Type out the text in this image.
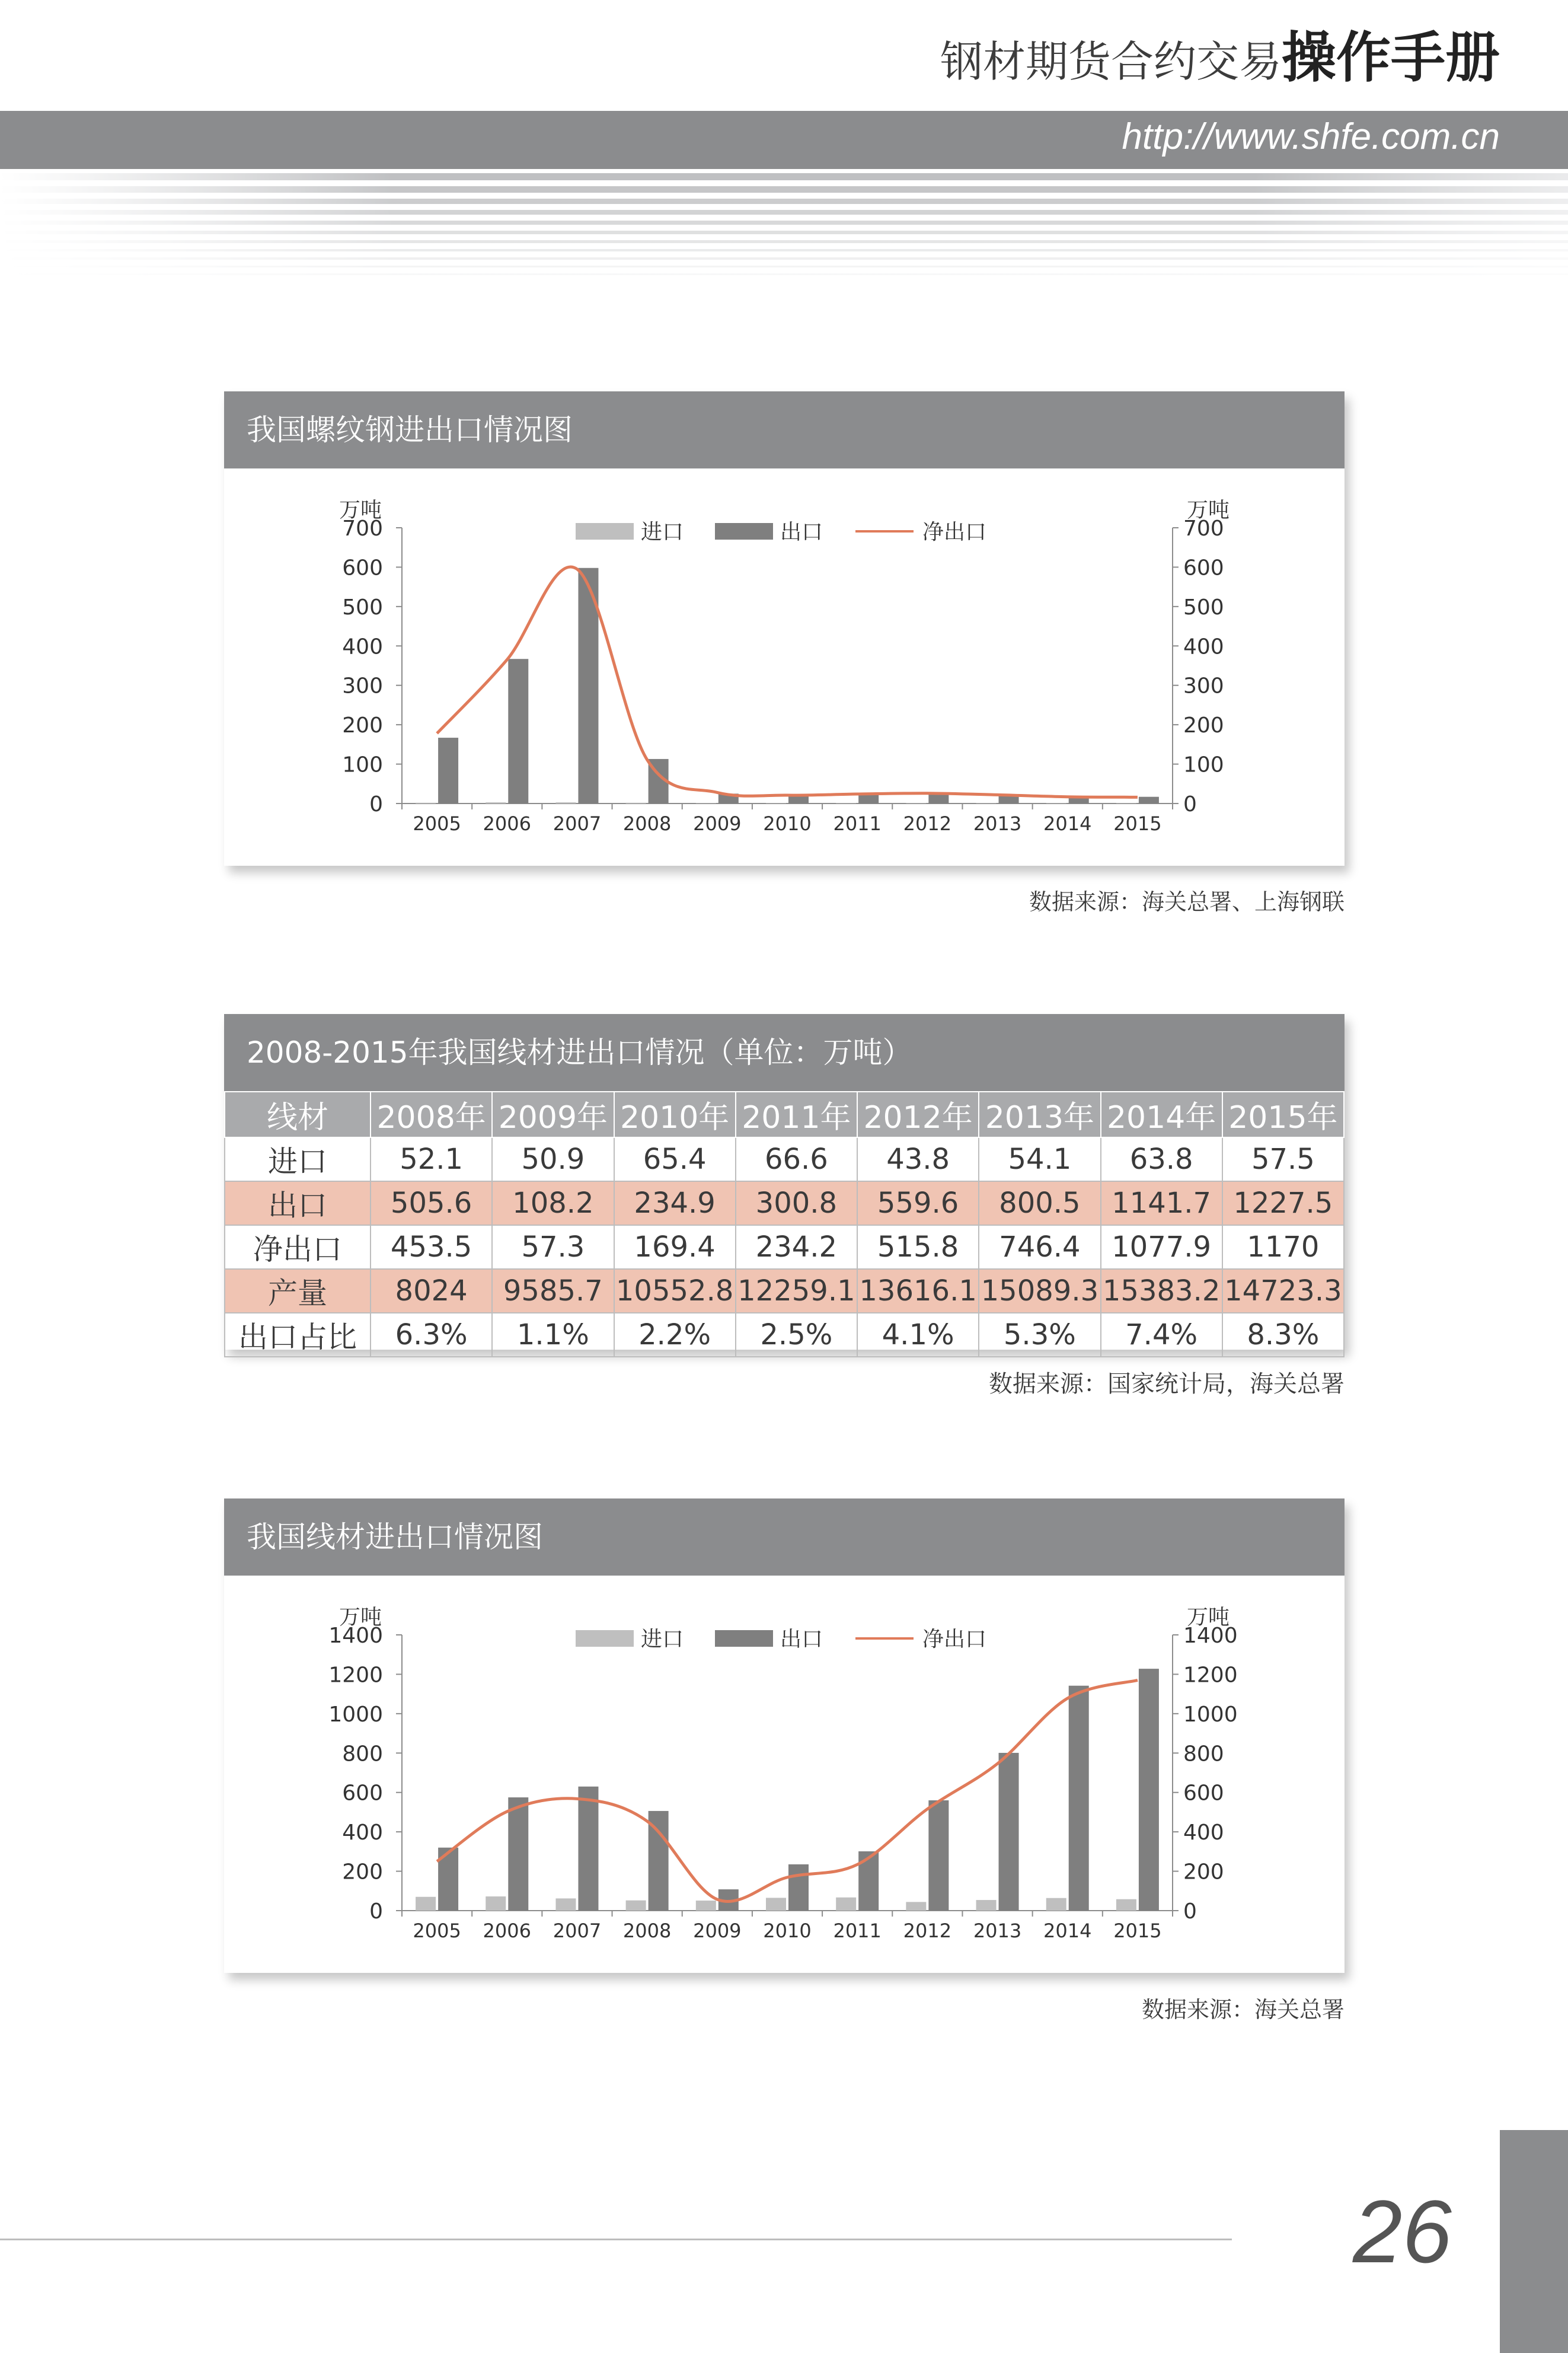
钢材期货合约交易操作手册
http://www.shfe.com.cn
我国螺纹钢进出口情况图
万吨	万吨
0	0
100	100
200	200
300	300
400	400
500	500
600	600
700	700
2005 2006 2007 2008 2009 2010 2011 2012 2013 2014 2015
进口	出口	净出口
数据来源：海关总署、上海钢联
2008-2015年我国线材进出口情况（单位：万吨）
线材	2008年	2009年	2010年	2011年	2012年	2013年	2014年	2015年
进口	52.1	50.9	65.4	66.6	43.8	54.1	63.8	57.5
出口	505.6	108.2	234.9	300.8	559.6	800.5	1141.7	1227.5
净出口	453.5	57.3	169.4	234.2	515.8	746.4	1077.9	1170
产量	8024	9585.7	10552.8	12259.1	13616.1	15089.3	15383.2	14723.3
出口占比	6.3%	1.1%	2.2%	2.5%	4.1%	5.3%	7.4%	8.3%
数据来源：国家统计局，海关总署
我国线材进出口情况图
万吨	万吨
0	0
200	200
400	400
600	600
800	800
1000	1000
1200	1200
1400	1400
2005 2006 2007 2008 2009 2010 2011 2012 2013 2014 2015
进口	出口	净出口
数据来源：海关总署
26
